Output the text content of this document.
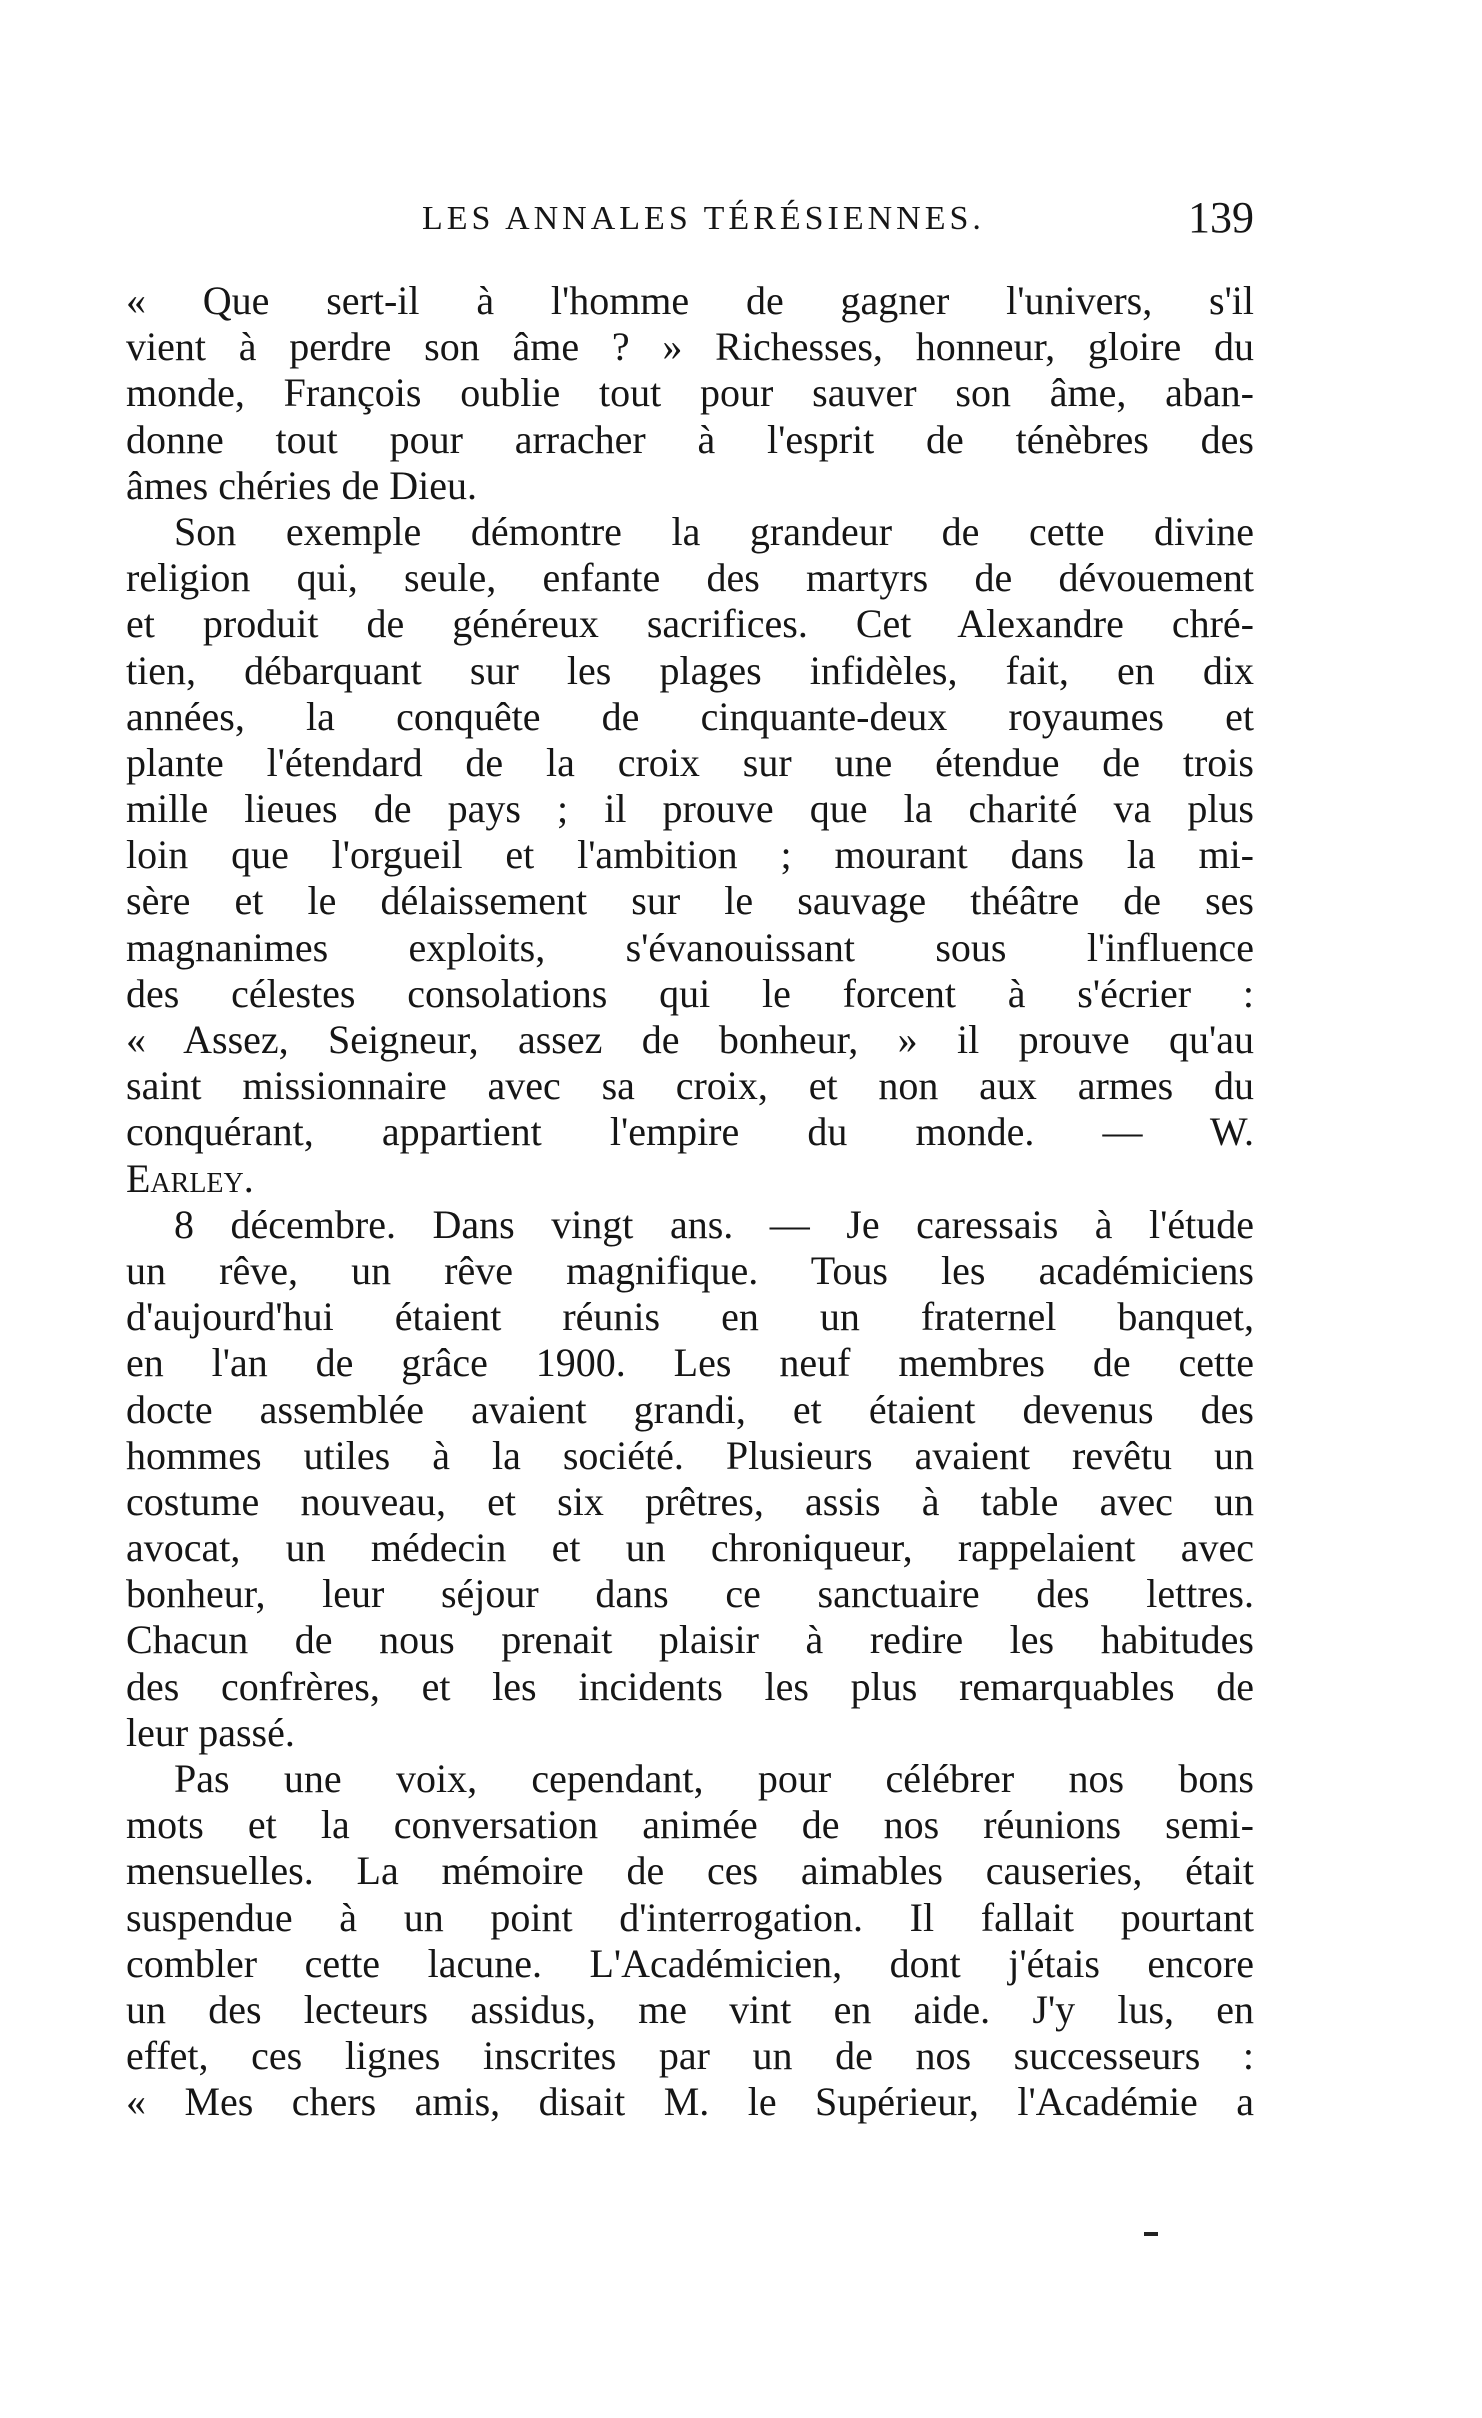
LES ANNALES TÉRÉSIENNES.	139
« Que sert-il à l'homme de gagner l'univers, s'il
vient à perdre son âme ? » Richesses, honneur, gloire du
monde, François oublie tout pour sauver son âme, aban-
donne tout pour arracher à l'esprit de ténèbres des
âmes chéries de Dieu.
Son exemple démontre la grandeur de cette divine
religion qui, seule, enfante des martyrs de dévouement
et produit de généreux sacrifices. Cet Alexandre chré-
tien, débarquant sur les plages infidèles, fait, en dix
années, la conquête de cinquante-deux royaumes et
plante l'étendard de la croix sur une étendue de trois
mille lieues de pays ; il prouve que la charité va plus
loin que l'orgueil et l'ambition ; mourant dans la mi-
sère et le délaissement sur le sauvage théâtre de ses
magnanimes exploits, s'évanouissant sous l'influence
des célestes consolations qui le forcent à s'écrier :
« Assez, Seigneur, assez de bonheur, » il prouve qu'au
saint missionnaire avec sa croix, et non aux armes du
conquérant, appartient l'empire du monde. — W.
Earley.
8 décembre. Dans vingt ans. — Je caressais à l'étude
un rêve, un rêve magnifique. Tous les académiciens
d'aujourd'hui étaient réunis en un fraternel banquet,
en l'an de grâce 1900. Les neuf membres de cette
docte assemblée avaient grandi, et étaient devenus des
hommes utiles à la société. Plusieurs avaient revêtu un
costume nouveau, et six prêtres, assis à table avec un
avocat, un médecin et un chroniqueur, rappelaient avec
bonheur, leur séjour dans ce sanctuaire des lettres.
Chacun de nous prenait plaisir à redire les habitudes
des confrères, et les incidents les plus remarquables de
leur passé.
Pas une voix, cependant, pour célébrer nos bons
mots et la conversation animée de nos réunions semi-
mensuelles. La mémoire de ces aimables causeries, était
suspendue à un point d'interrogation. Il fallait pourtant
combler cette lacune. L'Académicien, dont j'étais encore
un des lecteurs assidus, me vint en aide. J'y lus, en
effet, ces lignes inscrites par un de nos successeurs :
« Mes chers amis, disait M. le Supérieur, l'Académie a
